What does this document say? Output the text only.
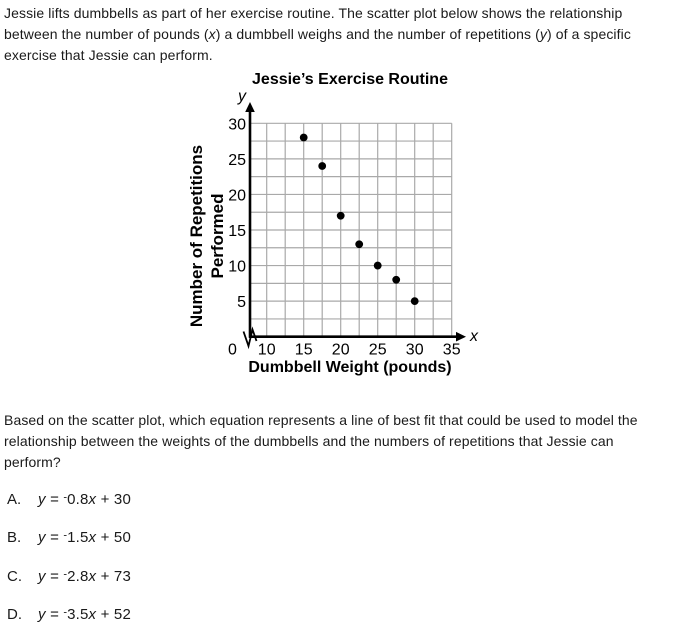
Jessie lifts dumbbells as part of her exercise routine. The scatter plot below shows the relationship between the number of pounds (x) a dumbbell weighs and the number of repetitions (y) of a specific exercise that Jessie can perform.
Jessie’s Exercise Routine
Number of Repetitions Performed
Dumbbell Weight (pounds)
y
x
10 15 20 25 30 35
5
10
15
20
25
30
0
Based on the scatter plot, which equation represents a line of best fit that could be used to model the relationship between the weights of the dumbbells and the numbers of repetitions that Jessie can perform?
A. y = -0.8x + 30
B. y = -1.5x + 50
C. y = -2.8x + 73
D. y = -3.5x + 52
